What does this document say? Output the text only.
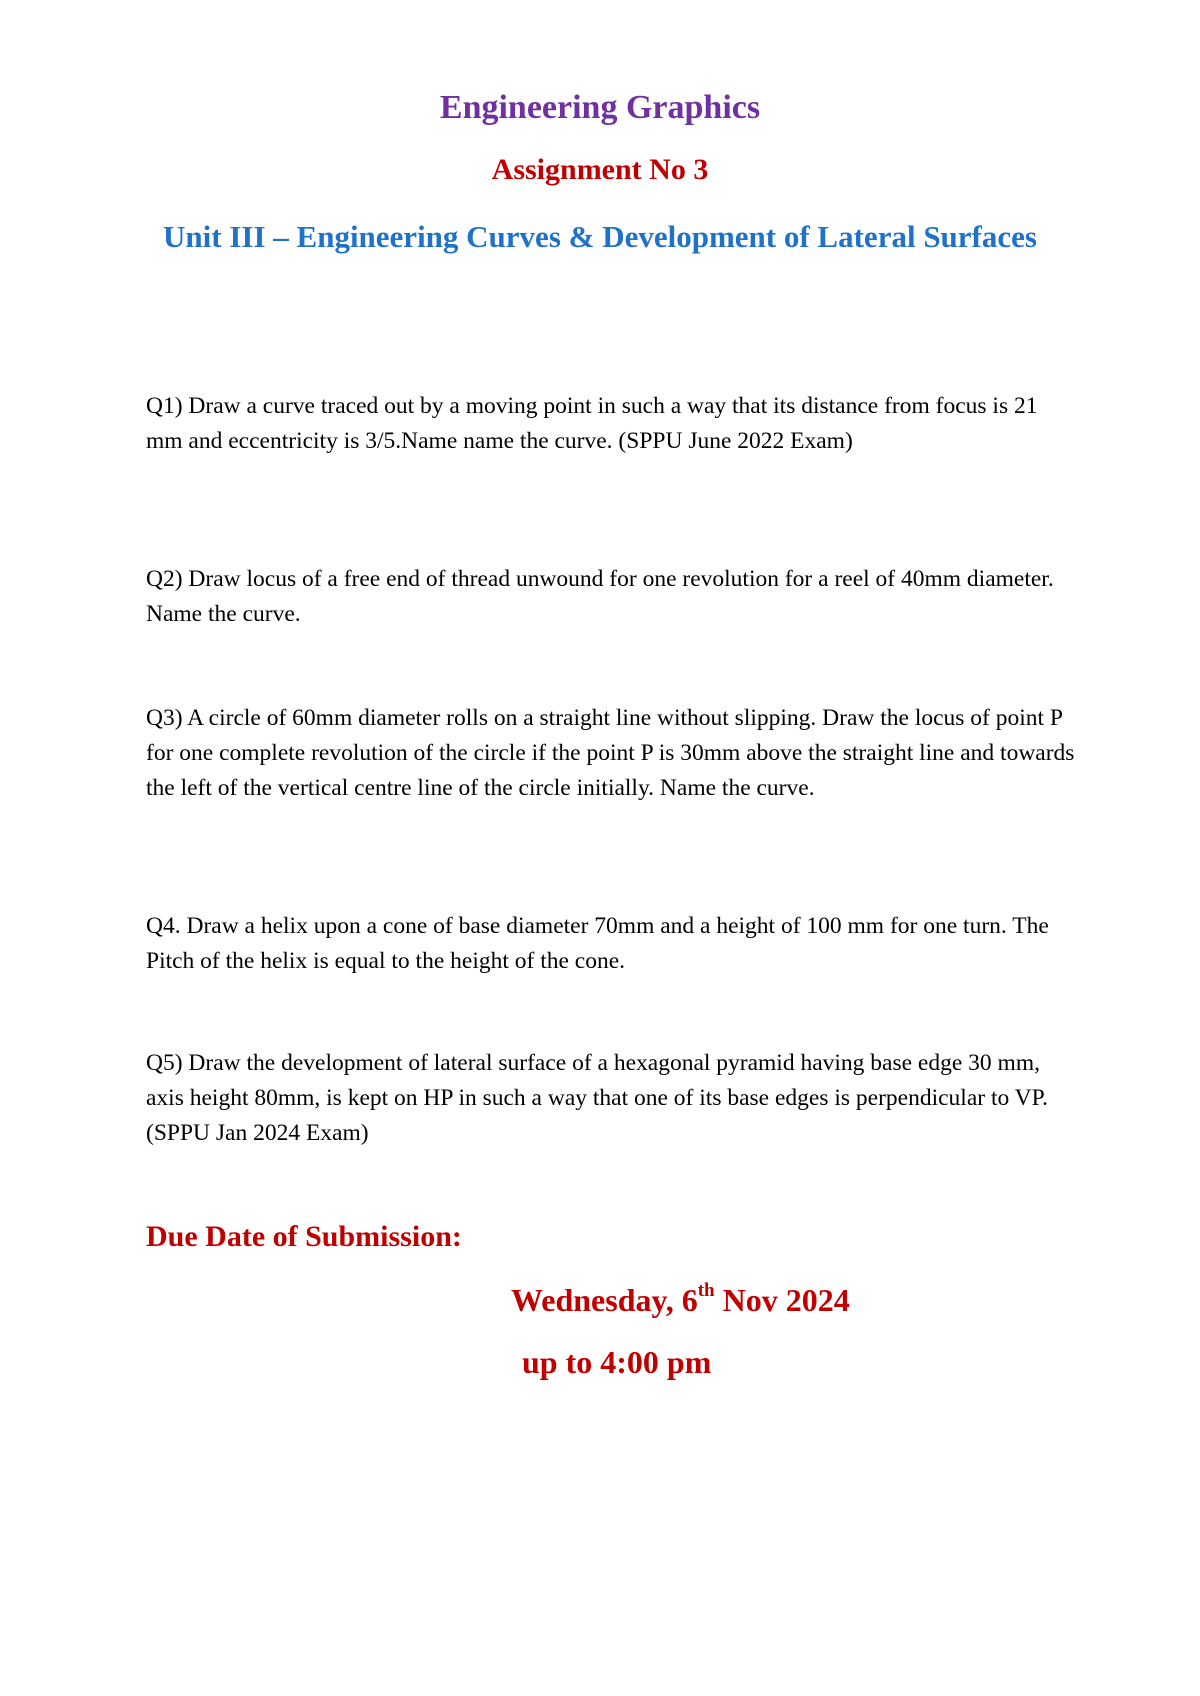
Engineering Graphics
Assignment No 3
Unit III – Engineering Curves & Development of Lateral Surfaces

Q1) Draw a curve traced out by a moving point in such a way that its distance from focus is 21 mm and eccentricity is 3/5.Name name the curve. (SPPU June 2022 Exam)

Q2) Draw locus of a free end of thread unwound for one revolution for a reel of 40mm diameter. Name the curve.

Q3) A circle of 60mm diameter rolls on a straight line without slipping. Draw the locus of point P for one complete revolution of the circle if the point P is 30mm above the straight line and towards the left of the vertical centre line of the circle initially. Name the curve.

Q4. Draw a helix upon a cone of base diameter 70mm and a height of 100 mm for one turn. The Pitch of the helix is equal to the height of the cone.

Q5) Draw the development of lateral surface of a hexagonal pyramid having base edge 30 mm, axis height 80mm, is kept on HP in such a way that one of its base edges is perpendicular to VP. (SPPU Jan 2024 Exam)

Due Date of Submission:

Wednesday, 6th Nov 2024

up to 4:00 pm
